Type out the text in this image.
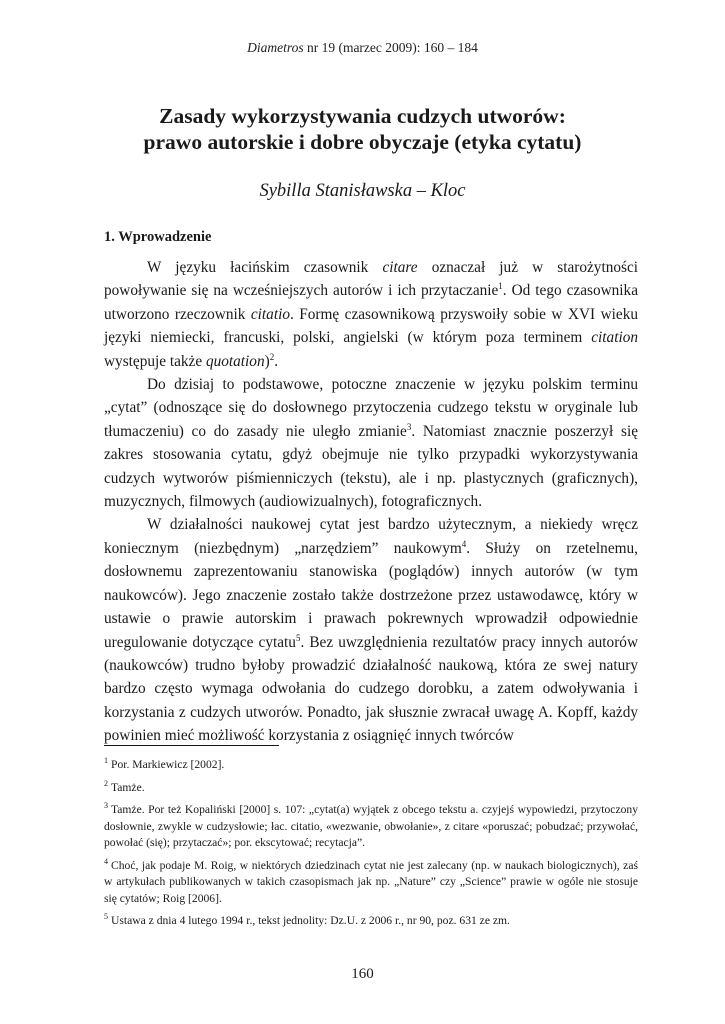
Diametros nr 19 (marzec 2009): 160 – 184
Zasady wykorzystywania cudzych utworów:
prawo autorskie i dobre obyczaje (etyka cytatu)
Sybilla Stanisławska – Kloc
1. Wprowadzenie

W języku łacińskim czasownik citare oznaczał już w starożytności powoływanie się na wcześniejszych autorów i ich przytaczanie$^1$. Od tego czasownika utworzono rzeczownik citatio. Formę czasownikową przyswoiły sobie w XVI wieku języki niemiecki, francuski, polski, angielski (w którym poza terminem citation występuje także quotation)$^2$.

Do dzisiaj to podstawowe, potoczne znaczenie w języku polskim terminu „cytat” (odnoszące się do dosłownego przytoczenia cudzego tekstu w oryginale lub tłumaczeniu) co do zasady nie uległo zmianie$^3$. Natomiast znacznie poszerzył się zakres stosowania cytatu, gdyż obejmuje nie tylko przypadki wykorzystywania cudzych wytworów piśmienniczych (tekstu), ale i np. plastycznych (graficznych), muzycznych, filmowych (audiowizualnych), fotograficznych.

W działalności naukowej cytat jest bardzo użytecznym, a niekiedy wręcz koniecznym (niezbędnym) „narzędziem” naukowym$^4$. Służy on rzetelnemu, dosłownemu zaprezentowaniu stanowiska (poglądów) innych autorów (w tym naukowców). Jego znaczenie zostało także dostrzeżone przez ustawodawcę, który w ustawie o prawie autorskim i prawach pokrewnych wprowadził odpowiednie uregulowanie dotyczące cytatu$^5$. Bez uwzględnienia rezultatów pracy innych autorów (naukowców) trudno byłoby prowadzić działalność naukową, która ze swej natury bardzo często wymaga odwołania do cudzego dorobku, a zatem odwoływania i korzystania z cudzych utworów. Ponadto, jak słusznie zwracał uwagę A. Kopff, każdy powinien mieć możliwość korzystania z osiągnięć innych twórców

$^1$ Por. Markiewicz [2002].

$^2$ Tamże.

$^3$ Tamże. Por też Kopaliński [2000] s. 107: „cytat(a) wyjątek z obcego tekstu a. czyjejś wypowiedzi, przytoczony dosłownie, zwykle w cudzysłowie; łac. citatio, «wezwanie, obwołanie», z citare «poruszać; pobudzać; przywołać, powołać (się); przytaczać»; por. ekscytować; recytacja”.

$^4$ Choć, jak podaje M. Roig, w niektórych dziedzinach cytat nie jest zalecany (np. w naukach biologicznych), zaś w artykułach publikowanych w takich czasopismach jak np. „Nature” czy „Science” prawie w ogóle nie stosuje się cytatów; Roig [2006].

$^5$ Ustawa z dnia 4 lutego 1994 r., tekst jednolity: Dz.U. z 2006 r., nr 90, poz. 631 ze zm.

160
